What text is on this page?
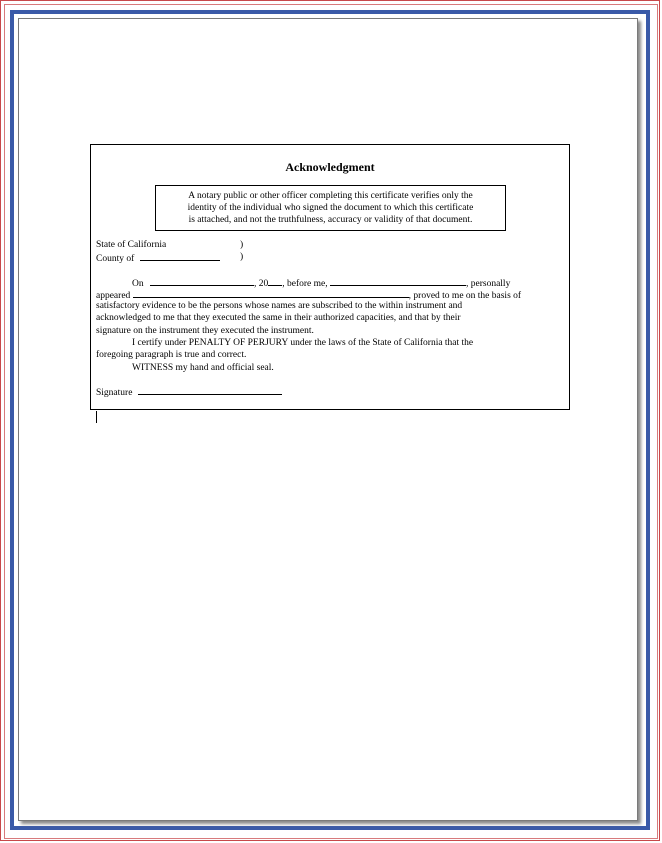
Acknowledgment
A notary public or other officer completing this certificate verifies only the
identity of the individual who signed the document to which this certificate
is attached, and not the truthfulness, accuracy or validity of that document.
State of California	)
County of	)
On	, 20 , before me,	, personally
appeared	, proved to me on the basis of
satisfactory evidence to be the persons whose names are subscribed to the within instrument and
acknowledged to me that they executed the same in their authorized capacities, and that by their
signature on the instrument they executed the instrument.
I certify under PENALTY OF PERJURY under the laws of the State of California that the
foregoing paragraph is true and correct.
WITNESS my hand and official seal.
Signature
